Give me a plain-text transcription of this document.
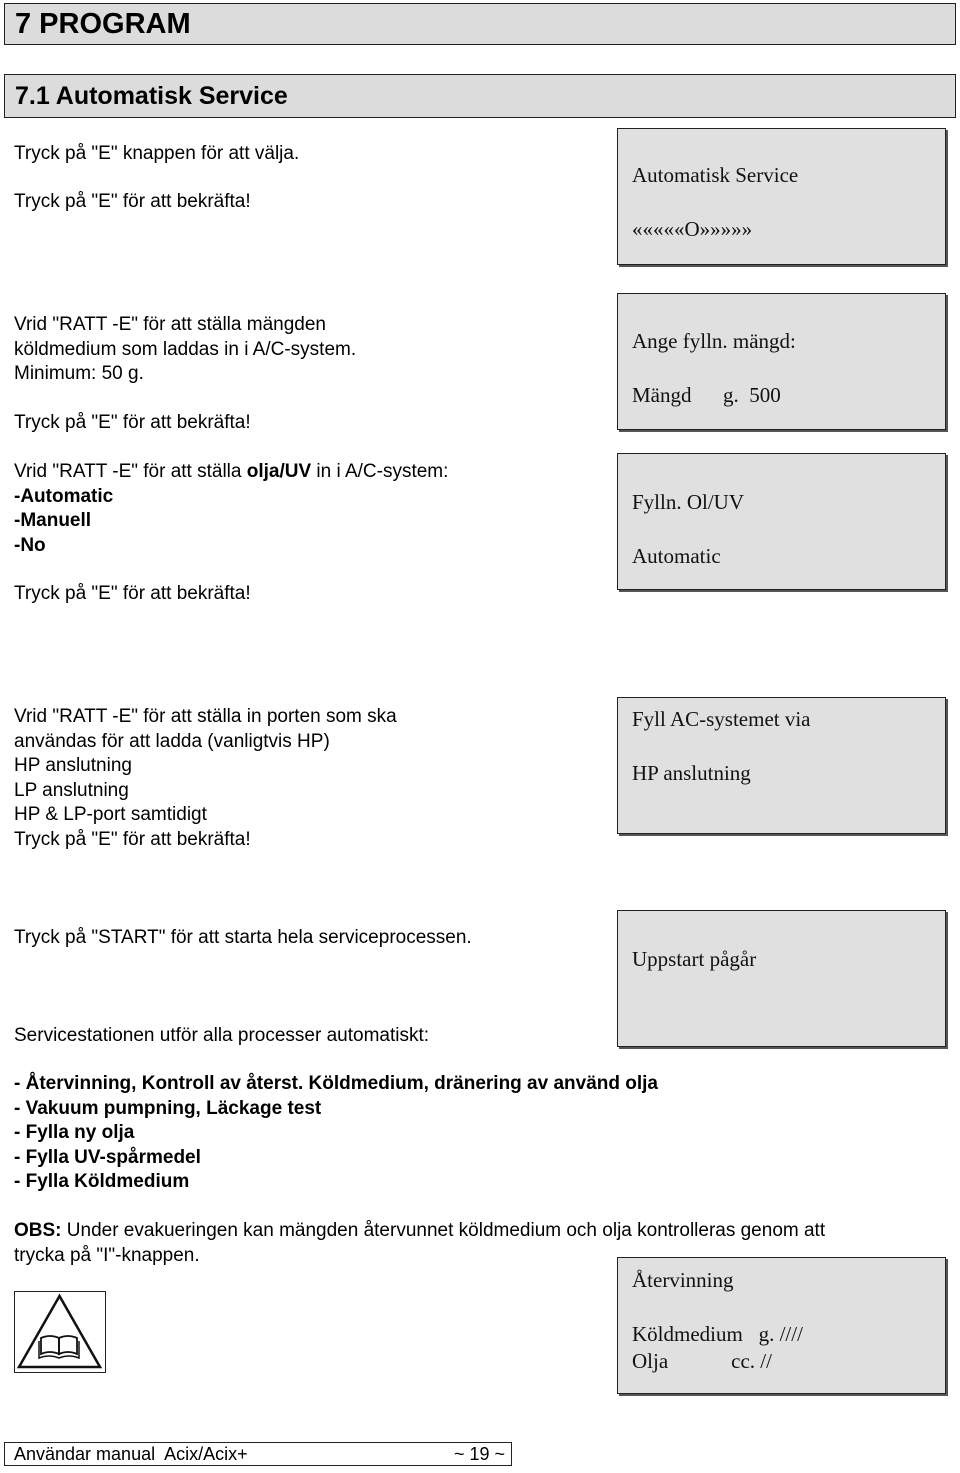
7 PROGRAM
7.1 Automatisk Service
Tryck på "E" knappen för att välja.
Tryck på "E" för att bekräfta!
Vrid "RATT -E" för att ställa mängden
köldmedium som laddas in i A/C-system.
Minimum: 50 g.
Tryck på "E" för att bekräfta!
Vrid "RATT -E" för att ställa olja/UV in i A/C-system:
-Automatic
-Manuell
-No
Tryck på "E" för att bekräfta!
Vrid "RATT -E" för att ställa in porten som ska
användas för att ladda (vanligtvis HP)
HP anslutning
LP anslutning
HP & LP-port samtidigt
Tryck på "E" för att bekräfta!
Tryck på "START" för att starta hela serviceprocessen.
Servicestationen utför alla processer automatiskt:
- Återvinning, Kontroll av återst. Köldmedium, dränering av använd olja
- Vakuum pumpning, Läckage test
- Fylla ny olja
- Fylla UV-spårmedel
- Fylla Köldmedium
OBS: Under evakueringen kan mängden återvunnet köldmedium och olja kontrolleras genom att
trycka på "I"-knappen.
Automatisk Service
«««««O»»»»»
Ange fylln. mängd:
Mängd      g.  500
Fylln. Ol/UV
Automatic
Fyll AC-systemet via
HP anslutning
Uppstart pågår
Återvinning
Köldmedium   g. ////
Olja            cc. //
Användar manual  Acix/Acix+	~ 19 ~
